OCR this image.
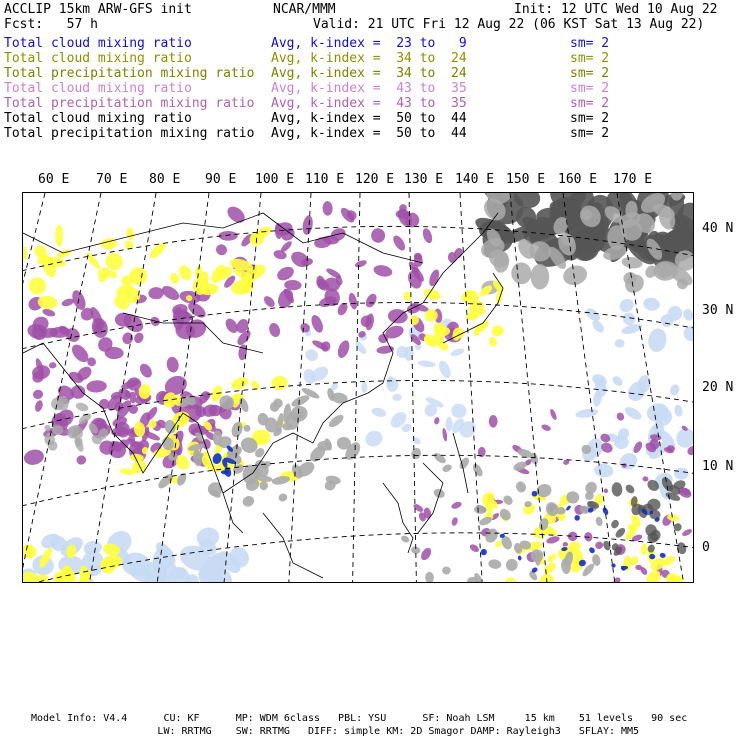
ACCLIP 15km ARW-GFS init	NCAR/MMM	Init: 12 UTC Wed 10 Aug 22
Fcst:   57 h	Valid: 21 UTC Fri 12 Aug 22 (06 KST Sat 13 Aug 22)
Total cloud mixing ratio	Avg, k-index =  23 to   9	sm= 2
Total cloud mixing ratio	Avg, k-index =  34 to  24	sm= 2
Total precipitation mixing ratio Avg, k-index =  34 to  24	sm= 2
Total cloud mixing ratio	Avg, k-index =  43 to  35	sm= 2
Total precipitation mixing ratio Avg, k-index =  43 to  35	sm= 2
Total cloud mixing ratio	Avg, k-index =  50 to  44	sm= 2
Total precipitation mixing ratio Avg, k-index =  50 to  44	sm= 2
60 E 70 E 80 E 90 E 100 E 110 E 120 E 130 E 140 E 150 E 160 E 170 E
40 N
30 N
20 N
10 N
0
Model Info: V4.4      CU: KF      MP: WDM 6class   PBL: YSU      SF: Noah LSM     15 km    51 levels   90 sec
LW: RRTMG    SW: RRTMG   DIFF: simple KM: 2D Smagor DAMP: Rayleigh3   SFLAY: MM5
